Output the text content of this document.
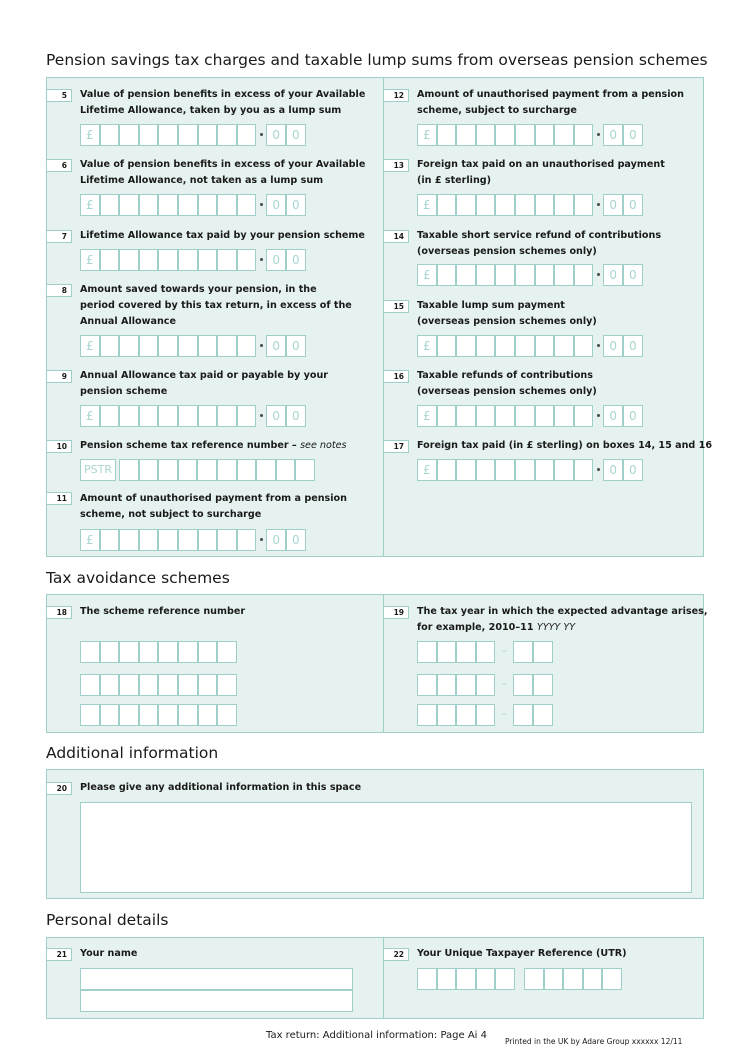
Pension savings tax charges and taxable lump sums from overseas pension schemes
Tax avoidance schemes
Additional information
Personal details
5	Value of pension benefits in excess of your Available
Lifetime Allowance, taken by you as a lump sum
£	0 0
6	Value of pension benefits in excess of your Available
Lifetime Allowance, not taken as a lump sum
£	0 0
7	Lifetime Allowance tax paid by your pension scheme
£	0 0
8	Amount saved towards your pension, in the
period covered by this tax return, in excess of the
Annual Allowance
£	0 0
9	Annual Allowance tax paid or payable by your
pension scheme
£	0 0
10	Pension scheme tax reference number – see notes
PSTR
11	Amount of unauthorised payment from a pension
scheme, not subject to surcharge
£	0 0
12	Amount of unauthorised payment from a pension
scheme, subject to surcharge
£	0 0
13	Foreign tax paid on an unauthorised payment
(in £ sterling)
£	0 0
14	Taxable short service refund of contributions
(overseas pension schemes only)
£	0 0
15	Taxable lump sum payment
(overseas pension schemes only)
£	0 0
16	Taxable refunds of contributions
(overseas pension schemes only)
£	0 0
17	Foreign tax paid (in £ sterling) on boxes 14, 15 and 16
£	0 0
18	The scheme reference number	19	The tax year in which the expected advantage arises,
for example, 2010–11 YYYY YY
–
–
–
20	Please give any additional information in this space
21	Your name	22	Your Unique Taxpayer Reference (UTR)
Tax return: Additional information: Page Ai 4
Printed in the UK by Adare Group xxxxxx 12/11
